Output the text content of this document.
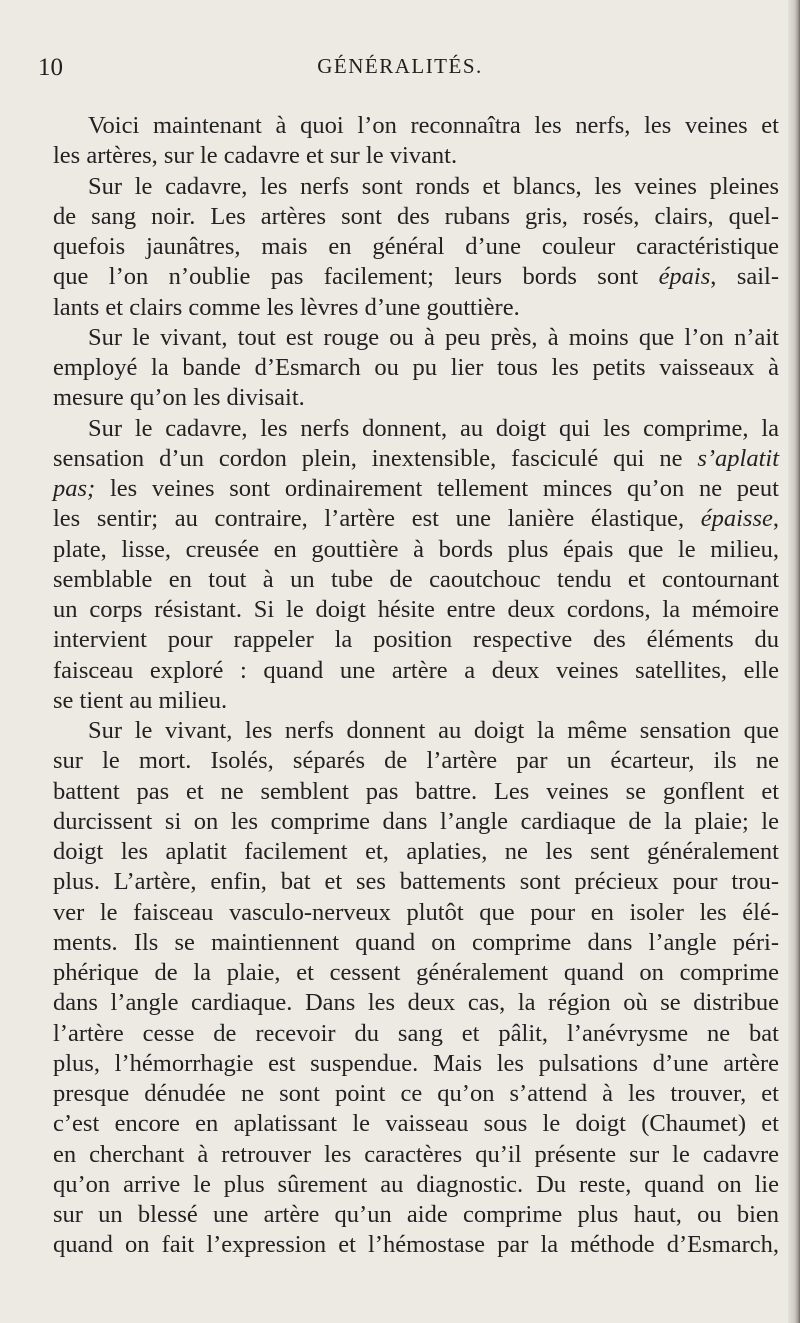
10	GÉNÉRALITÉS.
Voici maintenant à quoi l’on reconnaîtra les nerfs, les veines et
les artères, sur le cadavre et sur le vivant.
Sur le cadavre, les nerfs sont ronds et blancs, les veines pleines
de sang noir. Les artères sont des rubans gris, rosés, clairs, quel-
quefois jaunâtres, mais en général d’une couleur caractéristique
que l’on n’oublie pas facilement; leurs bords sont épais, sail-
lants et clairs comme les lèvres d’une gouttière.
Sur le vivant, tout est rouge ou à peu près, à moins que l’on n’ait
employé la bande d’Esmarch ou pu lier tous les petits vaisseaux à
mesure qu’on les divisait.
Sur le cadavre, les nerfs donnent, au doigt qui les comprime, la
sensation d’un cordon plein, inextensible, fasciculé qui ne s’aplatit
pas; les veines sont ordinairement tellement minces qu’on ne peut
les sentir; au contraire, l’artère est une lanière élastique, épaisse,
plate, lisse, creusée en gouttière à bords plus épais que le milieu,
semblable en tout à un tube de caoutchouc tendu et contournant
un corps résistant. Si le doigt hésite entre deux cordons, la mémoire
intervient pour rappeler la position respective des éléments du
faisceau exploré : quand une artère a deux veines satellites, elle
se tient au milieu.
Sur le vivant, les nerfs donnent au doigt la même sensation que
sur le mort. Isolés, séparés de l’artère par un écarteur, ils ne
battent pas et ne semblent pas battre. Les veines se gonflent et
durcissent si on les comprime dans l’angle cardiaque de la plaie; le
doigt les aplatit facilement et, aplaties, ne les sent généralement
plus. L’artère, enfin, bat et ses battements sont précieux pour trou-
ver le faisceau vasculo-nerveux plutôt que pour en isoler les élé-
ments. Ils se maintiennent quand on comprime dans l’angle péri-
phérique de la plaie, et cessent généralement quand on comprime
dans l’angle cardiaque. Dans les deux cas, la région où se distribue
l’artère cesse de recevoir du sang et pâlit, l’anévrysme ne bat
plus, l’hémorrhagie est suspendue. Mais les pulsations d’une artère
presque dénudée ne sont point ce qu’on s’attend à les trouver, et
c’est encore en aplatissant le vaisseau sous le doigt (Chaumet) et
en cherchant à retrouver les caractères qu’il présente sur le cadavre
qu’on arrive le plus sûrement au diagnostic. Du reste, quand on lie
sur un blessé une artère qu’un aide comprime plus haut, ou bien
quand on fait l’expression et l’hémostase par la méthode d’Esmarch,
